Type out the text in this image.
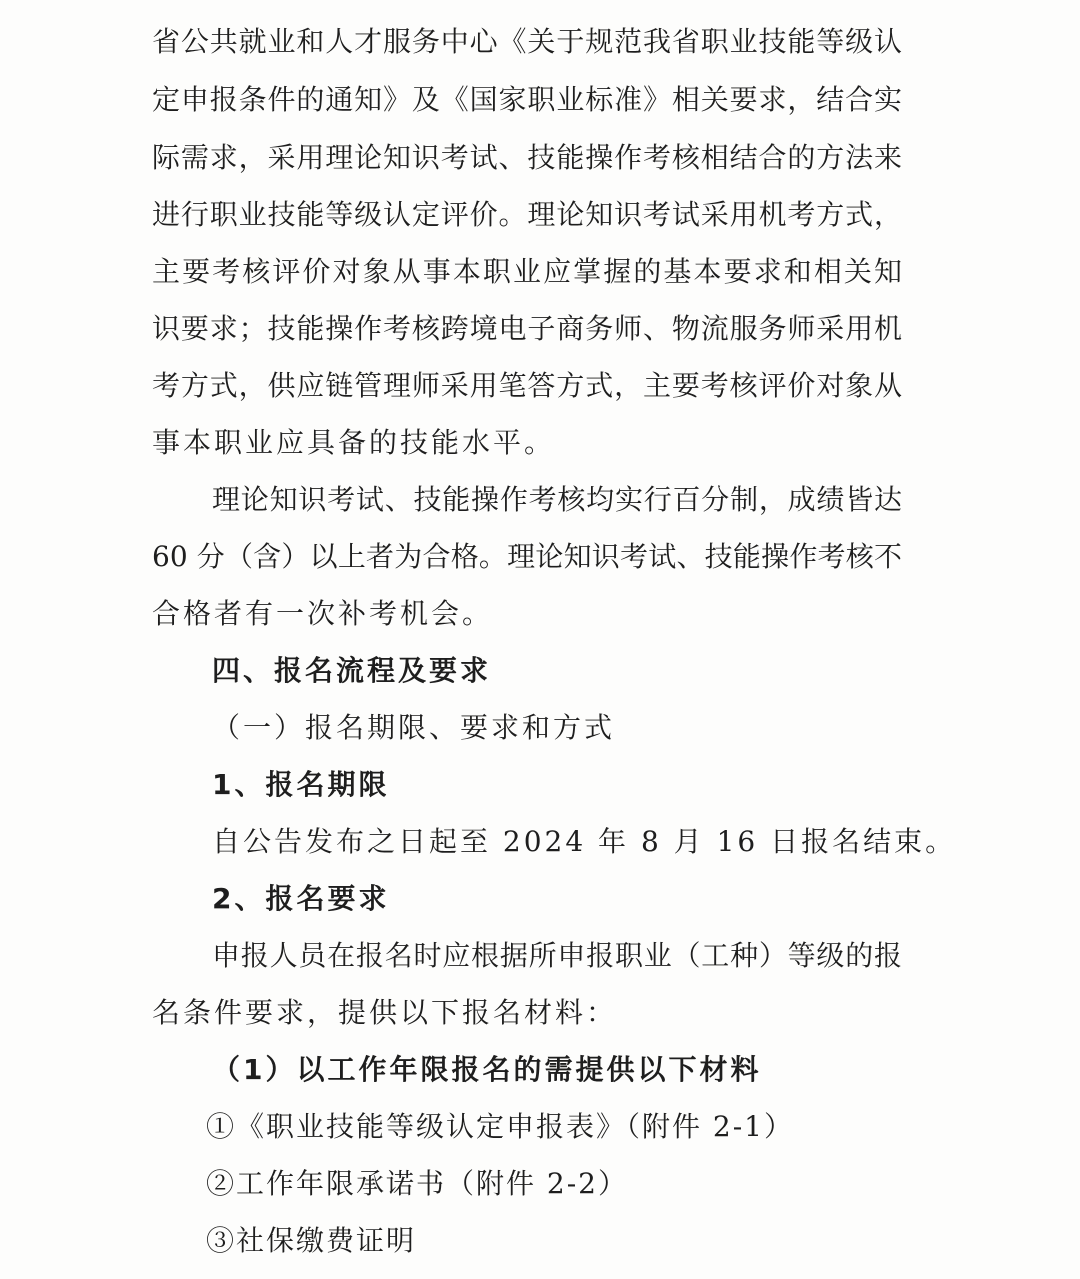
省公共就业和人才服务中心《关于规范我省职业技能等级认

定申报条件的通知》及《国家职业标准》相关要求，结合实

际需求，采用理论知识考试、技能操作考核相结合的方法来

进行职业技能等级认定评价。理论知识考试采用机考方式，

主要考核评价对象从事本职业应掌握的基本要求和相关知

识要求；技能操作考核跨境电子商务师、物流服务师采用机

考方式，供应链管理师采用笔答方式，主要考核评价对象从

事本职业应具备的技能水平。

理论知识考试、技能操作考核均实行百分制，成绩皆达

60 分（含）以上者为合格。理论知识考试、技能操作考核不

合格者有一次补考机会。

四、报名流程及要求

（一）报名期限、要求和方式

1、报名期限

自公告发布之日起至 2024 年 8 月 16 日报名结束。

2、报名要求

申报人员在报名时应根据所申报职业（工种）等级的报

名条件要求，提供以下报名材料：

（1）以工作年限报名的需提供以下材料

①《职业技能等级认定申报表》（附件 2-1）

②工作年限承诺书（附件 2-2）

③社保缴费证明
